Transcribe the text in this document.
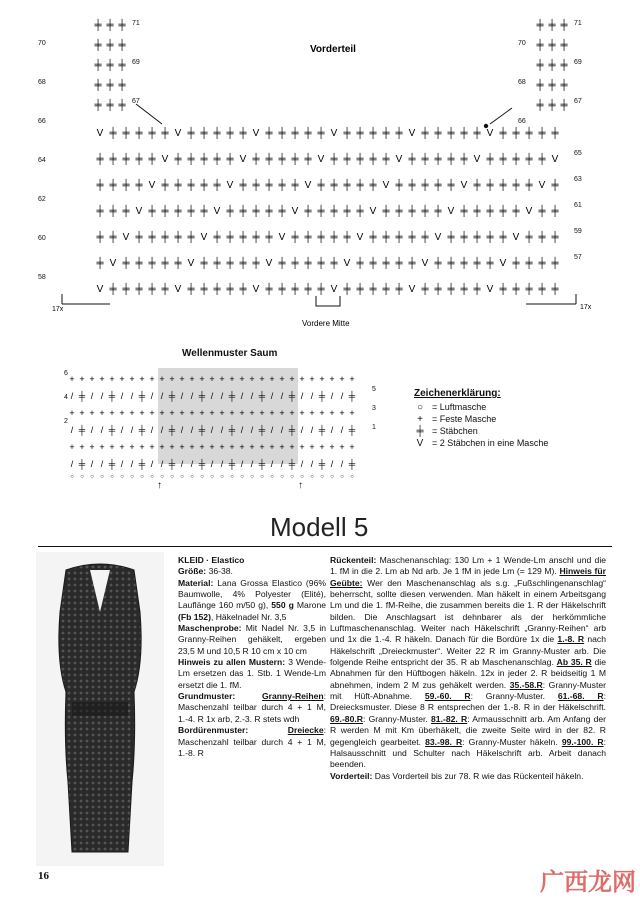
V ╪ ╪ ╪ ╪ ╪ V ╪ ╪ ╪ ╪ ╪ V ╪ ╪ ╪ ╪ ╪ V ╪ ╪ ╪ ╪ ╪ V ╪ ╪ ╪ ╪ ╪ V ╪ ╪ ╪ ╪ ╪
╪ ╪ ╪ ╪ ╪ V ╪ ╪ ╪ ╪ ╪ V ╪ ╪ ╪ ╪ ╪ V ╪ ╪ ╪ ╪ ╪ V ╪ ╪ ╪ ╪ ╪ V ╪ ╪ ╪ ╪ ╪ V
╪ ╪ ╪ ╪ V ╪ ╪ ╪ ╪ ╪ V ╪ ╪ ╪ ╪ ╪ V ╪ ╪ ╪ ╪ ╪ V ╪ ╪ ╪ ╪ ╪ V ╪ ╪ ╪ ╪ ╪ V ╪
╪ ╪ ╪ V ╪ ╪ ╪ ╪ ╪ V ╪ ╪ ╪ ╪ ╪ V ╪ ╪ ╪ ╪ ╪ V ╪ ╪ ╪ ╪ ╪ V ╪ ╪ ╪ ╪ ╪ V ╪ ╪
╪ ╪ V ╪ ╪ ╪ ╪ ╪ V ╪ ╪ ╪ ╪ ╪ V ╪ ╪ ╪ ╪ ╪ V ╪ ╪ ╪ ╪ ╪ V ╪ ╪ ╪ ╪ ╪ V ╪ ╪ ╪
╪ V ╪ ╪ ╪ ╪ ╪ V ╪ ╪ ╪ ╪ ╪ V ╪ ╪ ╪ ╪ ╪ V ╪ ╪ ╪ ╪ ╪ V ╪ ╪ ╪ ╪ ╪ V ╪ ╪ ╪ ╪
V ╪ ╪ ╪ ╪ ╪ V ╪ ╪ ╪ ╪ ╪ V ╪ ╪ ╪ ╪ ╪ V ╪ ╪ ╪ ╪ ╪ V ╪ ╪ ╪ ╪ ╪ V ╪ ╪ ╪ ╪ ╪
╪ ╪ ╪	╪ ╪ ╪
╪ ╪ ╪	╪ ╪ ╪
╪ ╪ ╪	╪ ╪ ╪
╪ ╪ ╪	╪ ╪ ╪
╪ ╪ ╪	╪ ╪ ╪
Vorderteil
Vordere Mitte
17x	17x
70
68
66
64
62
60
58
65
63
61
59
57
71
69
67
71
69
67
70
68
66
Wellenmuster Saum
+ + + + + + + + + + + + + + + + + + + + + + + + + + + + +
/ ╪ / / ╪ / / ╪ / / ╪ / / ╪ / / ╪ / / ╪ / / ╪ / / ╪ / / ╪
+ + + + + + + + + + + + + + + + + + + + + + + + + + + + +
/ ╪ / / ╪ / / ╪ / / ╪ / / ╪ / / ╪ / / ╪ / / ╪ / / ╪ / / ╪
+ + + + + + + + + + + + + + + + + + + + + + + + + + + + +
/ ╪ / / ╪ / / ╪ / / ╪ / / ╪ / / ╪ / / ╪ / / ╪ / / ╪ / / ╪
○ ○ ○ ○ ○ ○ ○ ○ ○ ○ ○ ○ ○ ○ ○ ○ ○ ○ ○ ○ ○ ○ ○ ○ ○ ○ ○ ○ ○
↑	↑
6
4
2
5
3
1
Zeichenerklärung:
○ = Luftmasche
+	= Feste Masche
╪ = Stäbchen
V = 2 Stäbchen in eine Masche
Modell 5

KLEID · Elastico

Größe: 36-38.

Material: Lana Grossa Elastico (96% Baumwolle, 4% Polyester (Elité), Lauflänge 160 m/50 g), 550 g Marone (Fb 152), Häkelnadel Nr. 3,5

Maschenprobe: Mit Nadel Nr. 3,5 in Granny-Reihen gehäkelt, ergeben 23,5 M und 10,5 R 10 cm x 10 cm

Hinweis zu allen Mustern: 3 Wende-Lm ersetzen das 1. Stb. 1 Wende-Lm ersetzt die 1. fM.

Grundmuster:	Granny-Reihen: Maschenzahl teilbar durch 4 + 1 M, 1.-4. R 1x arb, 2.-3. R stets wdh

Bordürenmuster:	Dreiecke: Maschenzahl teilbar durch 4 + 1 M, 1.-8. R

Rückenteil: Maschenanschlag: 130 Lm + 1 Wende-Lm anschl und die 1. fM in die 2. Lm ab Nd arb. Je 1 fM in jede Lm (= 129 M). Hinweis für Geübte: Wer den Maschenanschlag als s.g. „Fußschlingenanschlag“ beherrscht, sollte diesen verwenden. Man häkelt in einem Arbeitsgang Lm und die 1. fM-Reihe, die zusammen bereits die 1. R der Häkelschrift bilden. Die Anschlagsart ist dehnbarer als der herkömmliche Luftmaschenanschlag. Weiter nach Häkelschrift „Granny-Reihen“ arb und 1x die 1.-4. R häkeln. Danach für die Bordüre 1x die 1.-8. R nach Häkelschrift „Dreieckmuster“. Weiter 22 R im Granny-Muster arb. Die folgende Reihe entspricht der 35. R ab Maschenanschlag. Ab 35. R die Abnahmen für den Hüftbogen häkeln. 12x in jeder 2. R beidseitig 1 M abnehmen, indem 2 M zus gehäkelt werden. 35.-58.R: Granny-Muster mit Hüft-Abnahme. 59.-60. R: Granny-Muster. 61.-68. R: Dreiecksmuster. Diese 8 R entsprechen der 1.-8. R in der Häkelschrift. 69.-80.R: Granny-Muster. 81.-82. R: Armausschnitt arb. Am Anfang der R werden M mit Km überhäkelt, die zweite Seite wird in der 82. R gegengleich gearbeitet. 83.-98. R: Granny-Muster häkeln. 99.-100. R: Halsausschnitt und Schulter nach Häkelschrift arb. Arbeit danach beenden.

Vorderteil: Das Vorderteil bis zur 78. R wie das Rückenteil häkeln.

16	广西龙网
